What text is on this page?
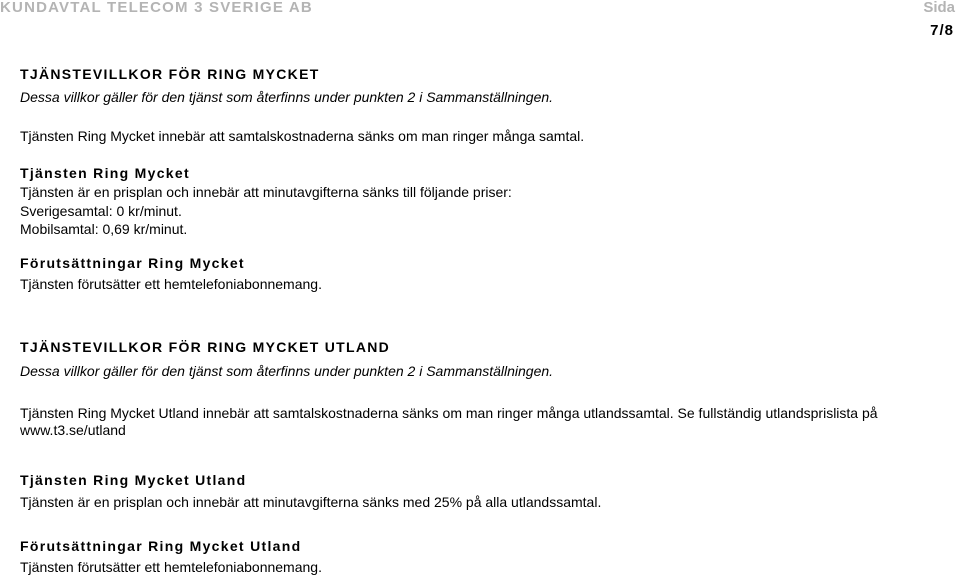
KUNDAVTAL TELECOM 3 SVERIGE AB	Sida
7/8
TJÄNSTEVILLKOR FÖR RING MYCKET
Dessa villkor gäller för den tjänst som återfinns under punkten 2 i Sammanställningen.
Tjänsten Ring Mycket innebär att samtalskostnaderna sänks om man ringer många samtal.
Tjänsten Ring Mycket
Tjänsten är en prisplan och innebär att minutavgifterna sänks till följande priser:
Sverigesamtal: 0 kr/minut.
Mobilsamtal: 0,69 kr/minut.
Förutsättningar Ring Mycket
Tjänsten förutsätter ett hemtelefoniabonnemang.
TJÄNSTEVILLKOR FÖR RING MYCKET UTLAND
Dessa villkor gäller för den tjänst som återfinns under punkten 2 i Sammanställningen.
Tjänsten Ring Mycket Utland innebär att samtalskostnaderna sänks om man ringer många utlandssamtal. Se fullständig utlandsprislista på www.t3.se/utland
Tjänsten Ring Mycket Utland
Tjänsten är en prisplan och innebär att minutavgifterna sänks med 25% på alla utlandssamtal.
Förutsättningar Ring Mycket Utland
Tjänsten förutsätter ett hemtelefoniabonnemang.
